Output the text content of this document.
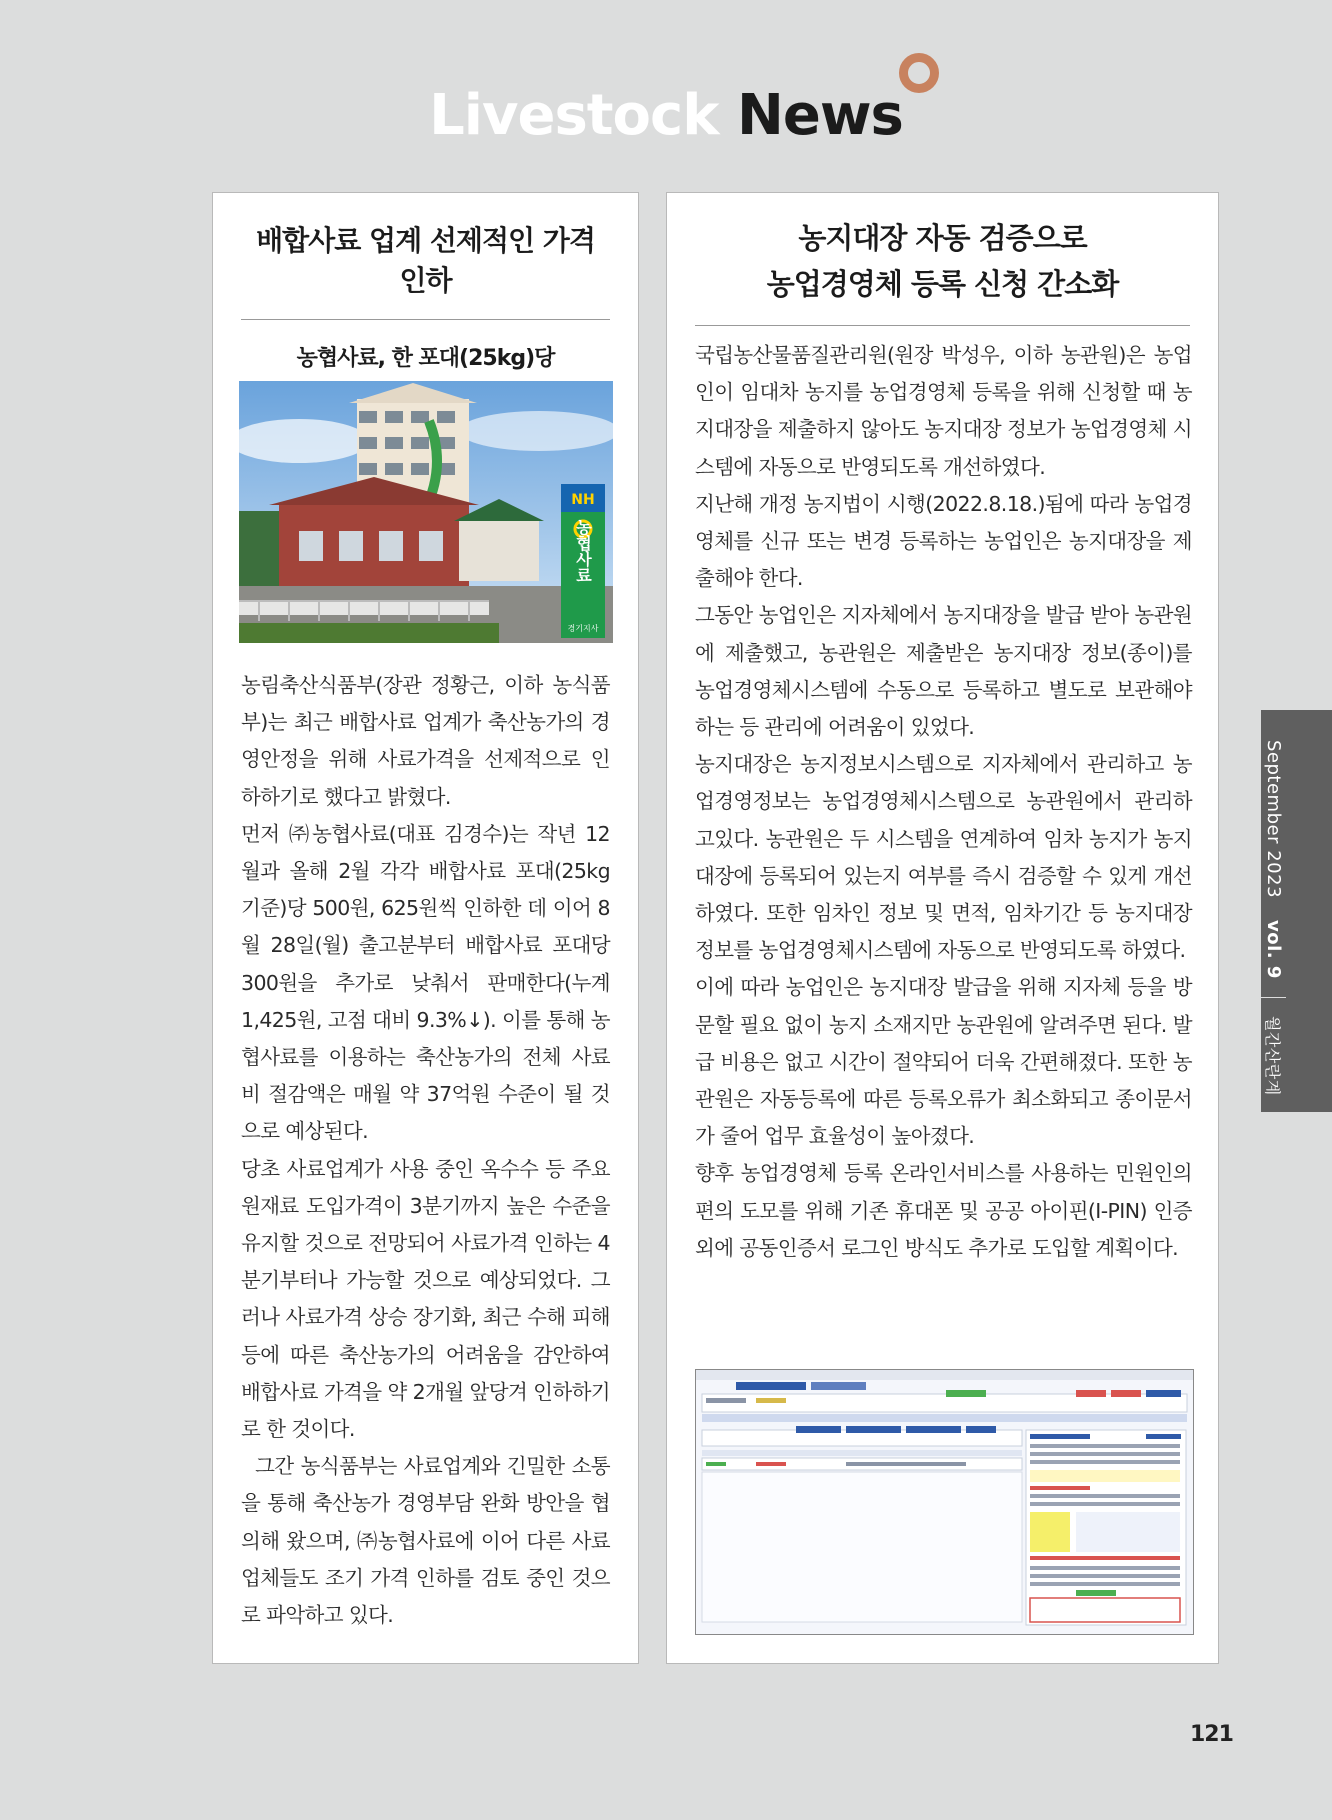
Livestock News
배합사료 업계 선제적인 가격 인하
농협사료, 한 포대(25kg)당
NH
농협사료
경기지사

농림축산식품부(장관 정황근, 이하 농식품부)는 최근 배합사료 업계가 축산농가의 경영안정을 위해 사료가격을 선제적으로 인하하기로 했다고 밝혔다.

먼저 ㈜농협사료(대표 김경수)는 작년 12월과 올해 2월 각각 배합사료 포대(25kg 기준)당 500원, 625원씩 인하한 데 이어 8월 28일(월) 출고분부터 배합사료 포대당 300원을 추가로 낮춰서 판매한다(누계 1,425원, 고점 대비 9.3%↓). 이를 통해 농협사료를 이용하는 축산농가의 전체 사료비 절감액은 매월 약 37억원 수준이 될 것으로 예상된다.

당초 사료업계가 사용 중인 옥수수 등 주요 원재료 도입가격이 3분기까지 높은 수준을 유지할 것으로 전망되어 사료가격 인하는 4분기부터나 가능할 것으로 예상되었다. 그러나 사료가격 상승 장기화, 최근 수해 피해 등에 따른 축산농가의 어려움을 감안하여 배합사료 가격을 약 2개월 앞당겨 인하하기로 한 것이다.

그간 농식품부는 사료업계와 긴밀한 소통을 통해 축산농가 경영부담 완화 방안을 협의해 왔으며, ㈜농협사료에 이어 다른 사료업체들도 조기 가격 인하를 검토 중인 것으로 파악하고 있다.

농지대장 자동 검증으로
농업경영체 등록 신청 간소화

국립농산물품질관리원(원장 박성우, 이하 농관원)은 농업인이 임대차 농지를 농업경영체 등록을 위해 신청할 때 농지대장을 제출하지 않아도 농지대장 정보가 농업경영체 시스템에 자동으로 반영되도록 개선하였다.

지난해 개정 농지법이 시행(2022.8.18.)됨에 따라 농업경영체를 신규 또는 변경 등록하는 농업인은 농지대장을 제출해야 한다.

그동안 농업인은 지자체에서 농지대장을 발급 받아 농관원에 제출했고, 농관원은 제출받은 농지대장 정보(종이)를 농업경영체시스템에 수동으로 등록하고 별도로 보관해야 하는 등 관리에 어려움이 있었다.

농지대장은 농지정보시스템으로 지자체에서 관리하고 농업경영정보는 농업경영체시스템으로 농관원에서 관리하고있다. 농관원은 두 시스템을 연계하여 임차 농지가 농지대장에 등록되어 있는지 여부를 즉시 검증할 수 있게 개선하였다. 또한 임차인 정보 및 면적, 임차기간 등 농지대장 정보를 농업경영체시스템에 자동으로 반영되도록 하였다.

이에 따라 농업인은 농지대장 발급을 위해 지자체 등을 방문할 필요 없이 농지 소재지만 농관원에 알려주면 된다. 발급 비용은 없고 시간이 절약되어 더욱 간편해졌다. 또한 농관원은 자동등록에 따른 등록오류가 최소화되고 종이문서가 줄어 업무 효율성이 높아졌다.

향후 농업경영체 등록 온라인서비스를 사용하는 민원인의 편의 도모를 위해 기존 휴대폰 및 공공 아이핀(I-PIN) 인증 외에 공동인증서 로그인 방식도 추가로 도입할 계획이다.

September 2023
vol. 9
월간산란계
121
